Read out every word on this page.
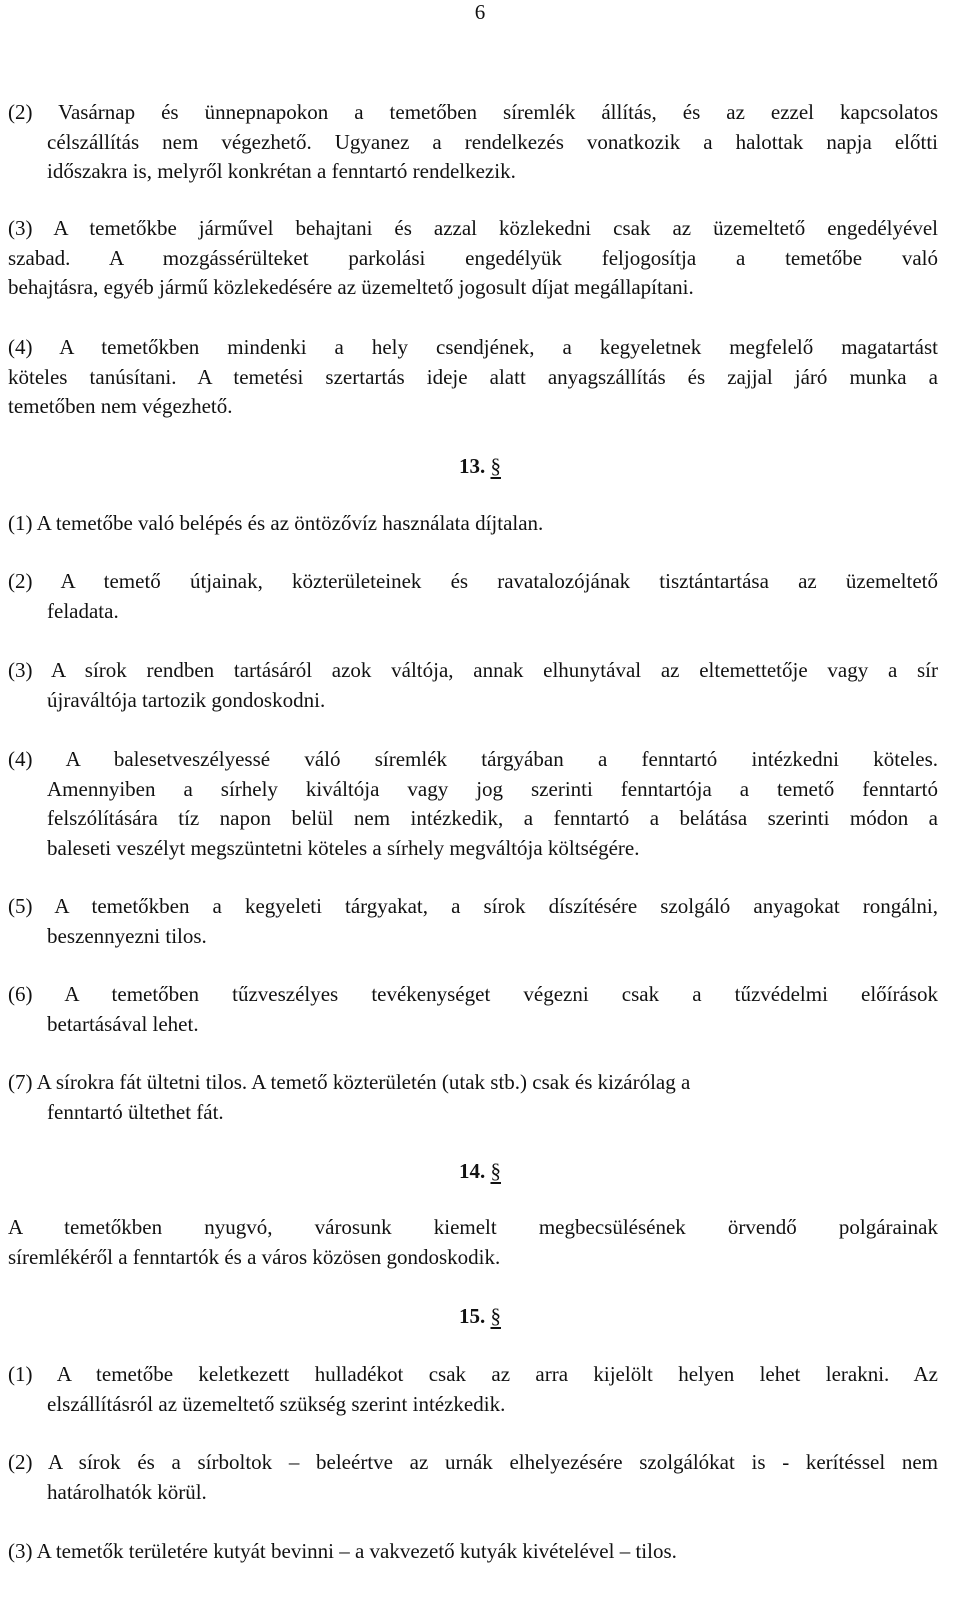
6
(2) Vasárnap és ünnepnapokon a temetőben síremlék állítás, és az ezzel kapcsolatos
célszállítás nem végezhető. Ugyanez a rendelkezés vonatkozik a halottak napja előtti
időszakra is, melyről konkrétan a fenntartó rendelkezik.
(3) A temetőkbe járművel behajtani és azzal közlekedni csak az üzemeltető engedélyével
szabad. A mozgássérülteket parkolási engedélyük feljogosítja a temetőbe való
behajtásra, egyéb jármű közlekedésére az üzemeltető jogosult díjat megállapítani.
(4) A temetőkben mindenki a hely csendjének, a kegyeletnek megfelelő magatartást
köteles tanúsítani. A temetési szertartás ideje alatt anyagszállítás és zajjal járó munka a
temetőben nem végezhető.
13. §
(1) A temetőbe való belépés és az öntözővíz használata díjtalan.
(2) A temető útjainak, közterületeinek és ravatalozójának tisztántartása az üzemeltető
feladata.
(3) A sírok rendben tartásáról azok váltója, annak elhunytával az eltemettetője vagy a sír
újraváltója tartozik gondoskodni.
(4) A balesetveszélyessé váló síremlék tárgyában a fenntartó intézkedni köteles.
Amennyiben a sírhely kiváltója vagy jog szerinti fenntartója a temető fenntartó
felszólítására tíz napon belül nem intézkedik, a fenntartó a belátása szerinti módon a
baleseti veszélyt megszüntetni köteles a sírhely megváltója költségére.
(5) A temetőkben a kegyeleti tárgyakat, a sírok díszítésére szolgáló anyagokat rongálni,
beszennyezni tilos.
(6) A temetőben tűzveszélyes tevékenységet végezni csak a tűzvédelmi előírások
betartásával lehet.
(7) A sírokra fát ültetni tilos. A temető közterületén (utak stb.) csak és kizárólag a
fenntartó ültethet fát.
14. §
A temetőkben nyugvó, városunk kiemelt megbecsülésének örvendő polgárainak
síremlékéről a fenntartók és a város közösen gondoskodik.
15. §
(1) A temetőbe keletkezett hulladékot csak az arra kijelölt helyen lehet lerakni. Az
elszállításról az üzemeltető szükség szerint intézkedik.
(2) A sírok és a sírboltok – beleértve az urnák elhelyezésére szolgálókat is - kerítéssel nem
határolhatók körül.
(3) A temetők területére kutyát bevinni – a vakvezető kutyák kivételével – tilos.
